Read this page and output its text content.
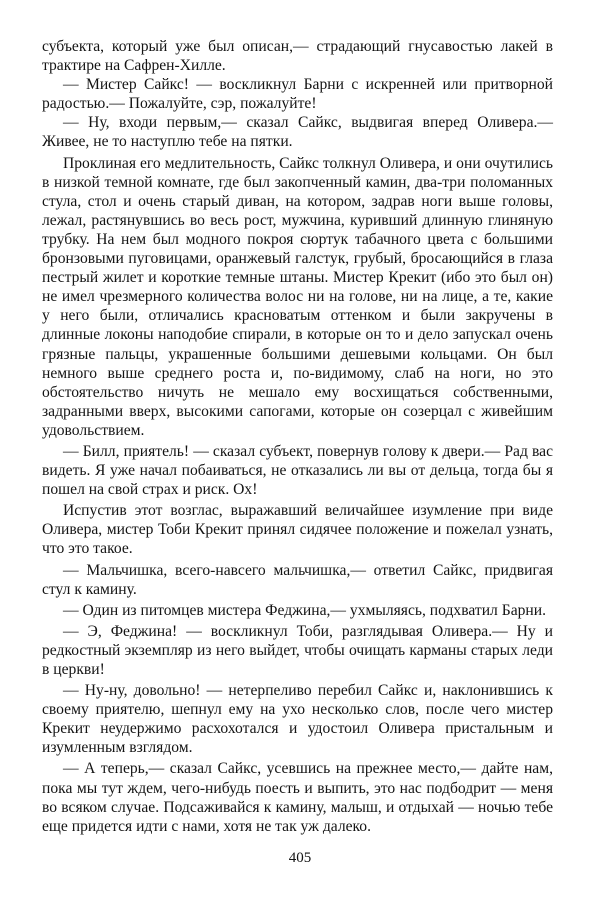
субъекта, который уже был описан,— страдающий гнусавостью лакей в трактире на Сафрен-Хилле.

— Мистер Сайкс! — воскликнул Барни с искренней или притворной радостью.— Пожалуйте, сэр, пожалуйте!

— Ну, входи первым,— сказал Сайкс, выдвигая вперед Оливера.— Живее, не то наступлю тебе на пятки.

Проклиная его медлительность, Сайкс толкнул Оливера, и они очутились в низкой темной комнате, где был закопченный камин, два-три поломанных стула, стол и очень старый диван, на котором, задрав ноги выше головы, лежал, растянувшись во весь рост, мужчина, куривший длинную глиняную трубку. На нем был модного покроя сюртук табачного цвета с большими бронзовыми пуговицами, оранжевый галстук, грубый, бросающийся в глаза пестрый жилет и короткие темные штаны. Мистер Крекит (ибо это был он) не имел чрезмерного количества волос ни на голове, ни на лице, а те, какие у него были, отличались красноватым оттенком и были закручены в длинные локоны наподобие спирали, в которые он то и дело запускал очень грязные пальцы, украшенные большими дешевыми кольцами. Он был немного выше среднего роста и, по-видимому, слаб на ноги, но это обстоятельство ничуть не мешало ему восхищаться собственными, задранными вверх, высокими сапогами, которые он созерцал с живейшим удовольствием.

— Билл, приятель! — сказал субъект, повернув голову к двери.— Рад вас видеть. Я уже начал побаиваться, не отказались ли вы от дельца, тогда бы я пошел на свой страх и риск. Ох!

Испустив этот возглас, выражавший величайшее изумление при виде Оливера, мистер Тоби Крекит принял сидячее положение и пожелал узнать, что это такое.

— Мальчишка, всего-навсего мальчишка,— ответил Сайкс, придвигая стул к камину.

— Один из питомцев мистера Феджина,— ухмыляясь, подхватил Барни.

— Э, Феджина! — воскликнул Тоби, разглядывая Оливера.— Ну и редкостный экземпляр из него выйдет, чтобы очищать карманы старых леди в церкви!

— Ну-ну, довольно! — нетерпеливо перебил Сайкс и, наклонившись к своему приятелю, шепнул ему на ухо несколько слов, после чего мистер Крекит неудержимо расхохотался и удостоил Оливера пристальным и изумленным взглядом.

— А теперь,— сказал Сайкс, усевшись на прежнее место,— дайте нам, пока мы тут ждем, чего-нибудь поесть и выпить, это нас подбодрит — меня во всяком случае. Подсаживайся к камину, малыш, и отдыхай — ночью тебе еще придется идти с нами, хотя не так уж далеко.

405
